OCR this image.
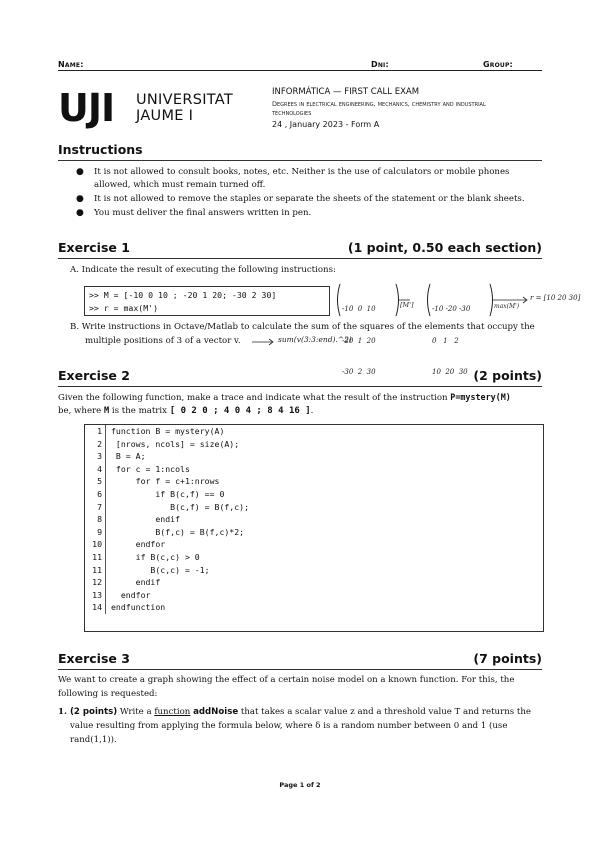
Name:	Dni:	Group:
UJI UNIVERSITAT
JAUME I
INFORMÁTICA — FIRST CALL EXAM
Degrees in electrical engineering, mechanics, chemistry and industrial
technologies
24 , January 2023 - Form A
Instructions
● It is not allowed to consult books, notes, etc. Neither is the use of calculators or mobile phones
allowed, which must remain turned off.
● It is not allowed to remove the staples or separate the sheets of the statement or the blank sheets.
● You must deliver the final answers written in pen.
Exercise 1	(1 point, 0.50 each section)
A. Indicate the result of executing the following instructions:
>> M = [-10 0 10 ; -20 1 20; -30 2 30]
>> r = max(M')

	-10  0  10

-20  1  20

-30  2  30

[M']

	-10 -20 -30

0   1   2

10  20  30

max(M')
r = [10 20 30]
B. Write instructions in Octave/Matlab to calculate the sum of the squares of the elements that occupy the
multiple positions of 3 of a vector v.	sum(v(3:3:end).^2)
Exercise 2	(2 points)
Given the following function, make a trace and indicate what the result of the instruction P=mystery(M)
be, where M is the matrix [ 0 2 0 ; 4 0 4 ; 8 4 16 ].
1	function B = mystery(A)
2	[nrows, ncols] = size(A);
3	B = A;
4	for c = 1:ncols
5	for f = c+1:nrows
6	if B(c,f) == 0
7	B(c,f) = B(f,c);
8	endif
9	B(f,c) = B(f,c)*2;
10	endfor
11	if B(c,c) > 0
11	B(c,c) = -1;
12	endif
13	endfor
14	endfunction
Exercise 3	(7 points)
We want to create a graph showing the effect of a certain noise model on a known function. For this, the
following is requested:
1. (2 points) Write a function addNoise that takes a scalar value z and a threshold value T and returns the
value resulting from applying the formula below, where δ is a random number between 0 and 1 (use
rand(1,1)).
Page 1 of 2
